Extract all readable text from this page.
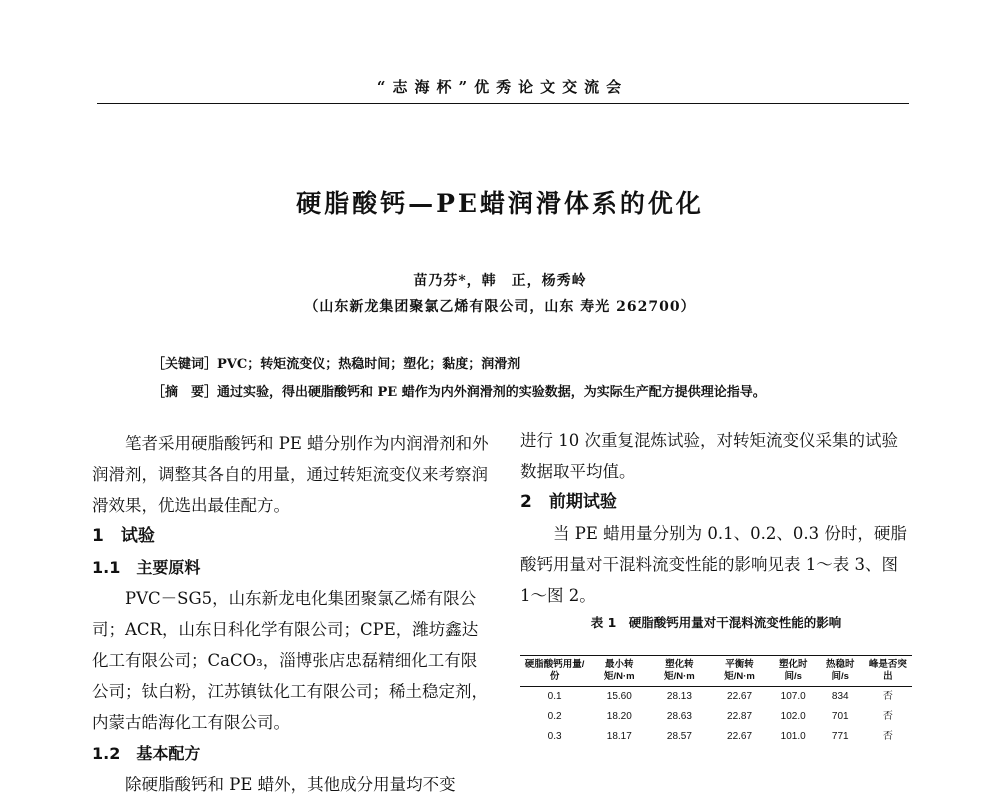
“志海杯”优秀论文交流会
硬脂酸钙—PE蜡润滑体系的优化
苗乃芬*，韩　正，杨秀岭
（山东新龙集团聚氯乙烯有限公司，山东 寿光 262700）
［关键词］PVC；转矩流变仪；热稳时间；塑化；黏度；润滑剂
［摘　要］通过实验，得出硬脂酸钙和 PE 蜡作为内外润滑剂的实验数据，为实际生产配方提供理论指导。

笔者采用硬脂酸钙和 PE 蜡分别作为内润滑剂和外润滑剂，调整其各自的用量，通过转矩流变仪来考察润滑效果，优选出最佳配方。

1　试验

1.1　主要原料

PVC－SG5，山东新龙电化集团聚氯乙烯有限公司；ACR，山东日科化学有限公司；CPE，潍坊鑫达化工有限公司；CaCO₃，淄博张店忠磊精细化工有限公司；钛白粉，江苏镇钛化工有限公司；稀土稳定剂，内蒙古皓海化工有限公司。

1.2　基本配方

除硬脂酸钙和 PE 蜡外，其他成分用量均不变

进行 10 次重复混炼试验，对转矩流变仪采集的试验数据取平均值。

2　前期试验

当 PE 蜡用量分别为 0.1、0.2、0.3 份时，硬脂酸钙用量对干混料流变性能的影响见表 1～表 3、图 1～图 2。

表 1　硬脂酸钙用量对干混料流变性能的影响

硬脂酸钙用量/份	最小转矩/N·m	塑化转矩/N·m	平衡转矩/N·m	塑化时间/s	热稳时间/s	峰是否突出
0.1	15.60	28.13	22.67	107.0	834	否
0.2	18.20	28.63	22.87	102.0	701	否
0.3	18.17	28.57	22.67	101.0	771	否
